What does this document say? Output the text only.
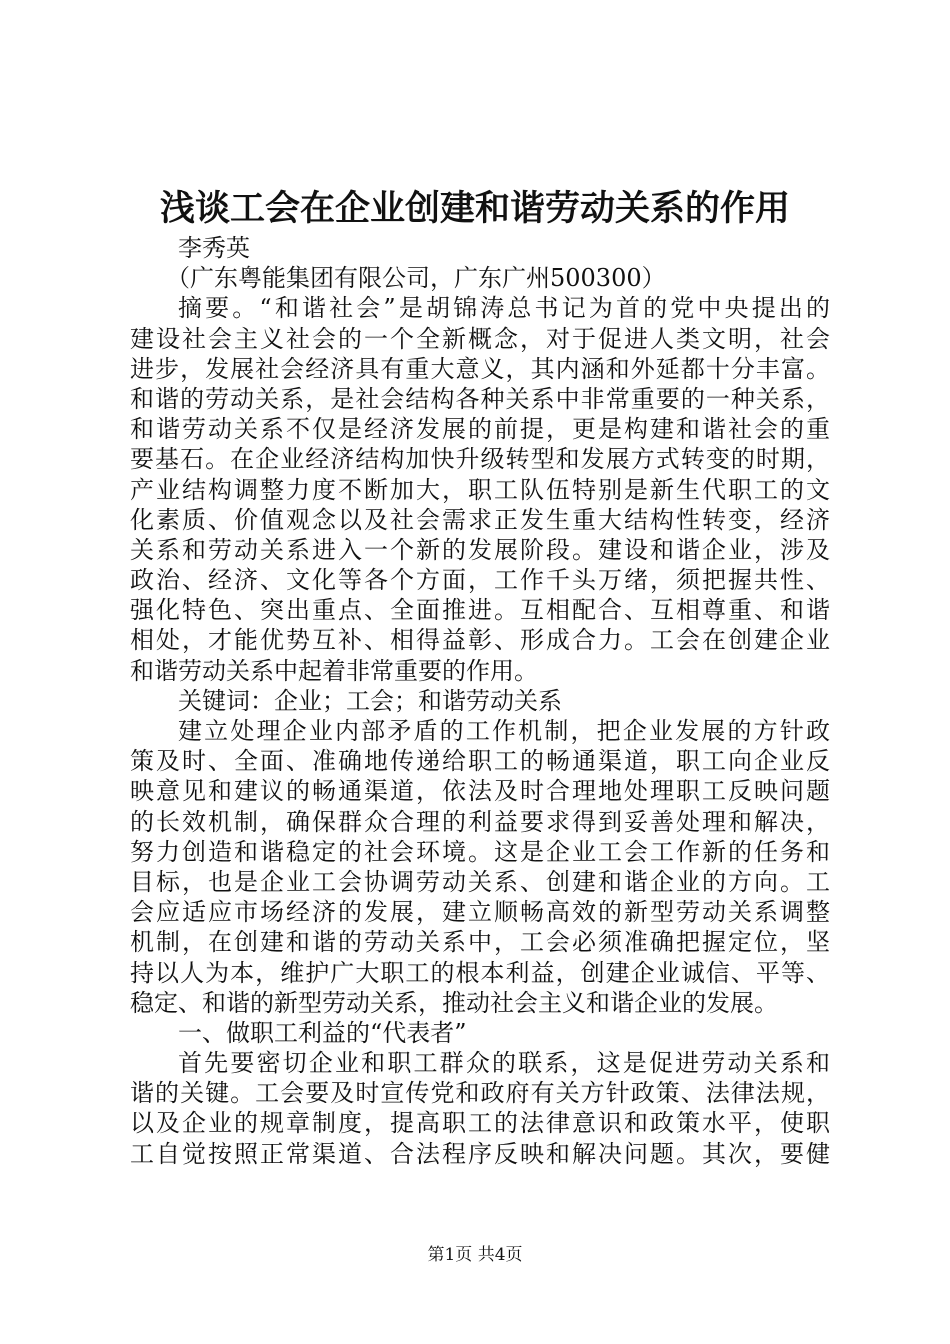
浅谈工会在企业创建和谐劳动关系的作用
李秀英
（广东粤能集团有限公司，广东广州500300）
摘要。“和谐社会”是胡锦涛总书记为首的党中央提出的
建设社会主义社会的一个全新概念，对于促进人类文明，社会
进步，发展社会经济具有重大意义，其内涵和外延都十分丰富。
和谐的劳动关系，是社会结构各种关系中非常重要的一种关系，
和谐劳动关系不仅是经济发展的前提，更是构建和谐社会的重
要基石。在企业经济结构加快升级转型和发展方式转变的时期，
产业结构调整力度不断加大，职工队伍特别是新生代职工的文
化素质、价值观念以及社会需求正发生重大结构性转变，经济
关系和劳动关系进入一个新的发展阶段。建设和谐企业，涉及
政治、经济、文化等各个方面，工作千头万绪，须把握共性、
强化特色、突出重点、全面推进。互相配合、互相尊重、和谐
相处，才能优势互补、相得益彰、形成合力。工会在创建企业
和谐劳动关系中起着非常重要的作用。
关键词：企业；工会；和谐劳动关系
建立处理企业内部矛盾的工作机制，把企业发展的方针政
策及时、全面、准确地传递给职工的畅通渠道，职工向企业反
映意见和建议的畅通渠道，依法及时合理地处理职工反映问题
的长效机制，确保群众合理的利益要求得到妥善处理和解决，
努力创造和谐稳定的社会环境。这是企业工会工作新的任务和
目标，也是企业工会协调劳动关系、创建和谐企业的方向。工
会应适应市场经济的发展，建立顺畅高效的新型劳动关系调整
机制，在创建和谐的劳动关系中，工会必须准确把握定位，坚
持以人为本，维护广大职工的根本利益，创建企业诚信、平等、
稳定、和谐的新型劳动关系，推动社会主义和谐企业的发展。
一、做职工利益的“代表者”
首先要密切企业和职工群众的联系，这是促进劳动关系和
谐的关键。工会要及时宣传党和政府有关方针政策、法律法规，
以及企业的规章制度，提高职工的法律意识和政策水平，使职
工自觉按照正常渠道、合法程序反映和解决问题。其次，要健
第1页 共4页
